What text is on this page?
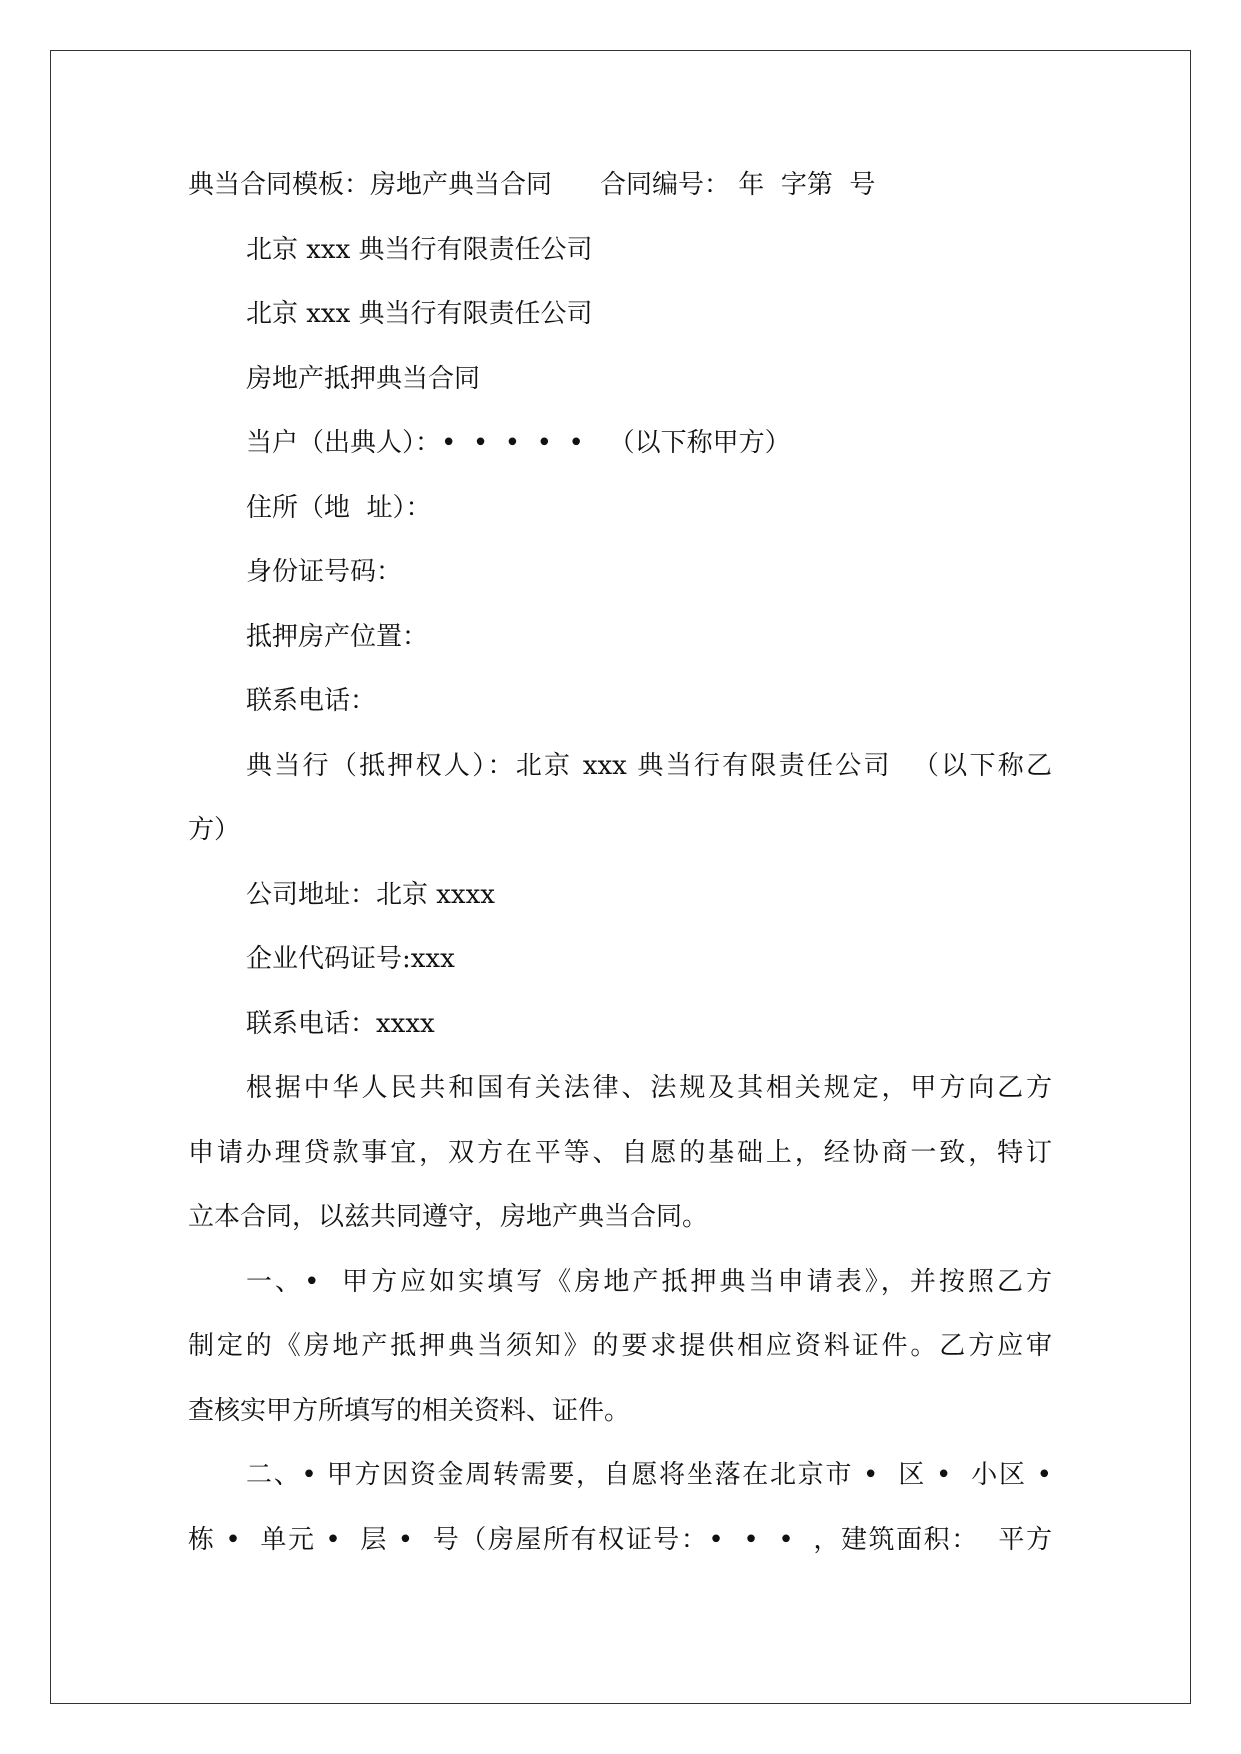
典当合同模板：房地产典当合同 合同编号： 年  字第  号

北京 xxx 典当行有限责任公司

北京 xxx 典当行有限责任公司

房地产抵押典当合同

当户（出典人）：•  •  •  •  •   （以下称甲方）

住所（地  址）：

身份证号码：

抵押房产位置：

联系电话：

典当行（抵押权人）：北京 xxx 典当行有限责任公司  （以下称乙
方）

公司地址：北京 xxxx

企业代码证号:xxx

联系电话：xxxx

根据中华人民共和国有关法律、法规及其相关规定，甲方向乙方
申请办理贷款事宜，双方在平等、自愿的基础上，经协商一致，特订
立本合同，以兹共同遵守，房地产典当合同。
一、•  甲方应如实填写《房地产抵押典当申请表》，并按照乙方
制定的《房地产抵押典当须知》的要求提供相应资料证件。乙方应审
查核实甲方所填写的相关资料、证件。
二、• 甲方因资金周转需要，自愿将坐落在北京市 •  区 •  小区 •
栋 •  单元 •  层 •  号（房屋所有权证号：•  •  •  ，建筑面积：  平方
